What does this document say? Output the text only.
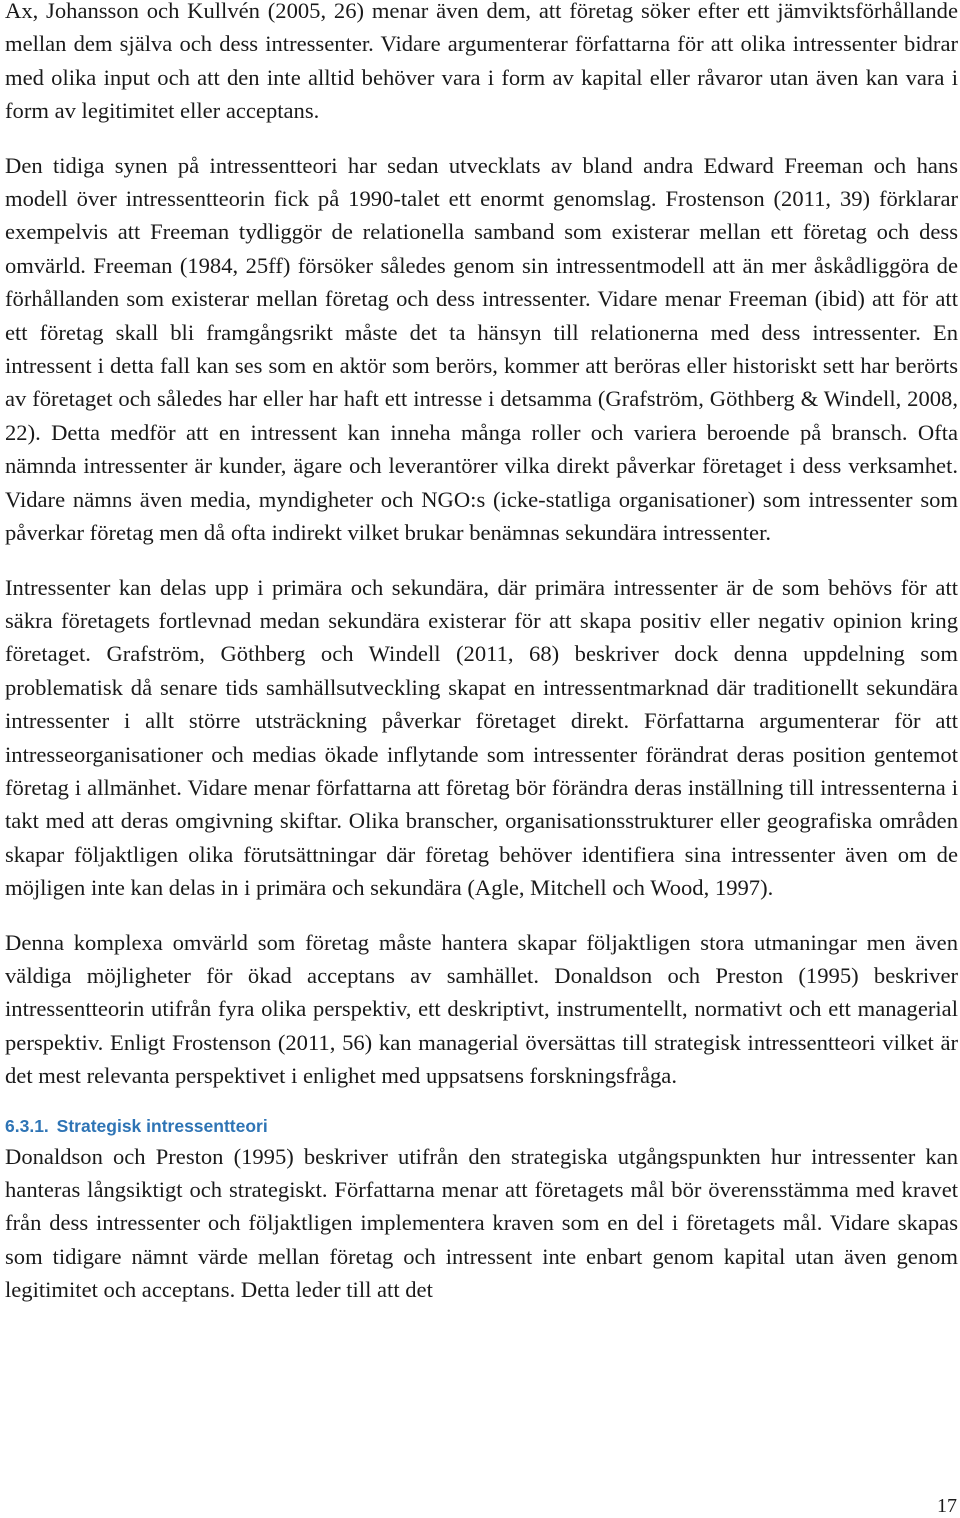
Ax, Johansson och Kullvén (2005, 26) menar även dem, att företag söker efter ett jämviktsförhållande mellan dem själva och dess intressenter. Vidare argumenterar författarna för att olika intressenter bidrar med olika input och att den inte alltid behöver vara i form av kapital eller råvaror utan även kan vara i form av legitimitet eller acceptans.

Den tidiga synen på intressentteori har sedan utvecklats av bland andra Edward Freeman och hans modell över intressentteorin fick på 1990-talet ett enormt genomslag. Frostenson (2011, 39) förklarar exempelvis att Freeman tydliggör de relationella samband som existerar mellan ett företag och dess omvärld. Freeman (1984, 25ff) försöker således genom sin intressentmodell att än mer åskådliggöra de förhållanden som existerar mellan företag och dess intressenter. Vidare menar Freeman (ibid) att för att ett företag skall bli framgångsrikt måste det ta hänsyn till relationerna med dess intressenter. En intressent i detta fall kan ses som en aktör som berörs, kommer att beröras eller historiskt sett har berörts av företaget och således har eller har haft ett intresse i detsamma (Grafström, Göthberg & Windell, 2008, 22). Detta medför att en intressent kan inneha många roller och variera beroende på bransch. Ofta nämnda intressenter är kunder, ägare och leverantörer vilka direkt påverkar företaget i dess verksamhet. Vidare nämns även media, myndigheter och NGO:s (icke-statliga organisationer) som intressenter som påverkar företag men då ofta indirekt vilket brukar benämnas sekundära intressenter.

Intressenter kan delas upp i primära och sekundära, där primära intressenter är de som behövs för att säkra företagets fortlevnad medan sekundära existerar för att skapa positiv eller negativ opinion kring företaget. Grafström, Göthberg och Windell (2011, 68) beskriver dock denna uppdelning som problematisk då senare tids samhällsutveckling skapat en intressentmarknad där traditionellt sekundära intressenter i allt större utsträckning påverkar företaget direkt. Författarna argumenterar för att intresseorganisationer och medias ökade inflytande som intressenter förändrat deras position gentemot företag i allmänhet. Vidare menar författarna att företag bör förändra deras inställning till intressenterna i takt med att deras omgivning skiftar. Olika branscher, organisationsstrukturer eller geografiska områden skapar följaktligen olika förutsättningar där företag behöver identifiera sina intressenter även om de möjligen inte kan delas in i primära och sekundära (Agle, Mitchell och Wood, 1997).

Denna komplexa omvärld som företag måste hantera skapar följaktligen stora utmaningar men även väldiga möjligheter för ökad acceptans av samhället. Donaldson och Preston (1995) beskriver intressentteorin utifrån fyra olika perspektiv, ett deskriptivt, instrumentellt, normativt och ett managerial perspektiv. Enligt Frostenson (2011, 56) kan managerial översättas till strategisk intressentteori vilket är det mest relevanta perspektivet i enlighet med uppsatsens forskningsfråga.

6.3.1. Strategisk intressentteori

Donaldson och Preston (1995) beskriver utifrån den strategiska utgångspunkten hur intressenter kan hanteras långsiktigt och strategiskt. Författarna menar att företagets mål bör överensstämma med kravet från dess intressenter och följaktligen implementera kraven som en del i företagets mål. Vidare skapas som tidigare nämnt värde mellan företag och intressent inte enbart genom kapital utan även genom legitimitet och acceptans. Detta leder till att det

17
